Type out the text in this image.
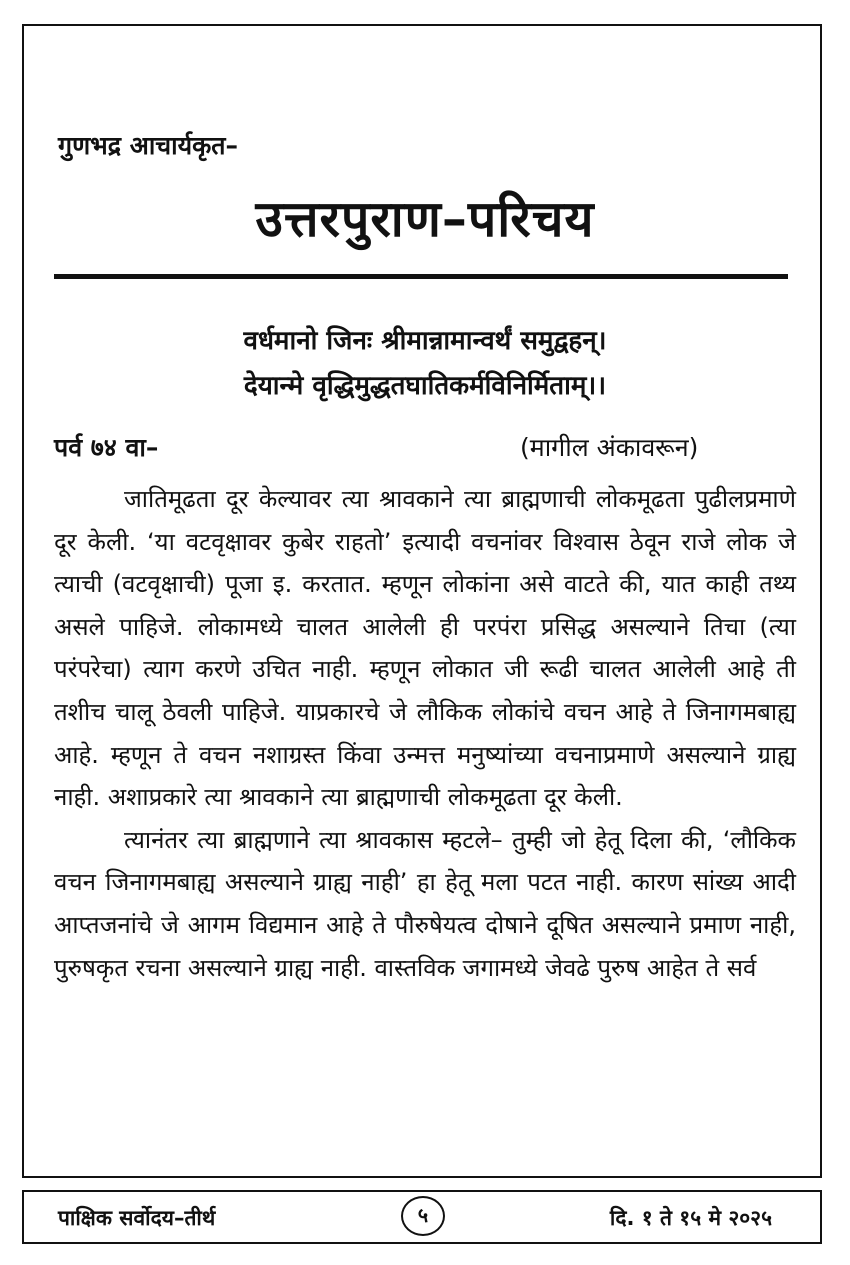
गुणभद्र आचार्यकृत–
उत्तरपुराण–परिचय
वर्धमानो जिनः श्रीमान्नामान्वर्थं समुद्वहन्।
देयान्मे वृद्धिमुद्धतघातिकर्मविनिर्मिताम्।।
पर्व ७४ वा–	(मागील अंकावरून)

जातिमूढता दूर केल्यावर त्या श्रावकाने त्या ब्राह्मणाची लोकमूढता पुढीलप्रमाणे दूर केली. ‘या वटवृक्षावर कुबेर राहतो’ इत्यादी वचनांवर विश्वास ठेवून राजे लोक जे त्याची (वटवृक्षाची) पूजा इ. करतात. म्हणून लोकांना असे वाटते की, यात काही तथ्य असले पाहिजे. लोकामध्ये चालत आलेली ही परपंरा प्रसिद्ध असल्याने तिचा (त्या परंपरेचा) त्याग करणे उचित नाही. म्हणून लोकात जी रूढी चालत आलेली आहे ती तशीच चालू ठेवली पाहिजे. याप्रकारचे जे लौकिक लोकांचे वचन आहे ते जिनागमबाह्य आहे. म्हणून ते वचन नशाग्रस्त किंवा उन्मत्त मनुष्यांच्या वचनाप्रमाणे असल्याने ग्राह्य नाही. अशाप्रकारे त्या श्रावकाने त्या ब्राह्मणाची लोकमूढता दूर केली.

त्यानंतर त्या ब्राह्मणाने त्या श्रावकास म्हटले– तुम्ही जो हेतू दिला की, ‘लौकिक वचन जिनागमबाह्य असल्याने ग्राह्य नाही’ हा हेतू मला पटत नाही. कारण सांख्य आदी आप्तजनांचे जे आगम विद्यमान आहे ते पौरुषेयत्व दोषाने दूषित असल्याने प्रमाण नाही, पुरुषकृत रचना असल्याने ग्राह्य नाही. वास्तविक जगामध्ये जेवढे पुरुष आहेत ते सर्व

पाक्षिक सर्वोदय–तीर्थ	५	दि. १ ते १५ मे २०२५
